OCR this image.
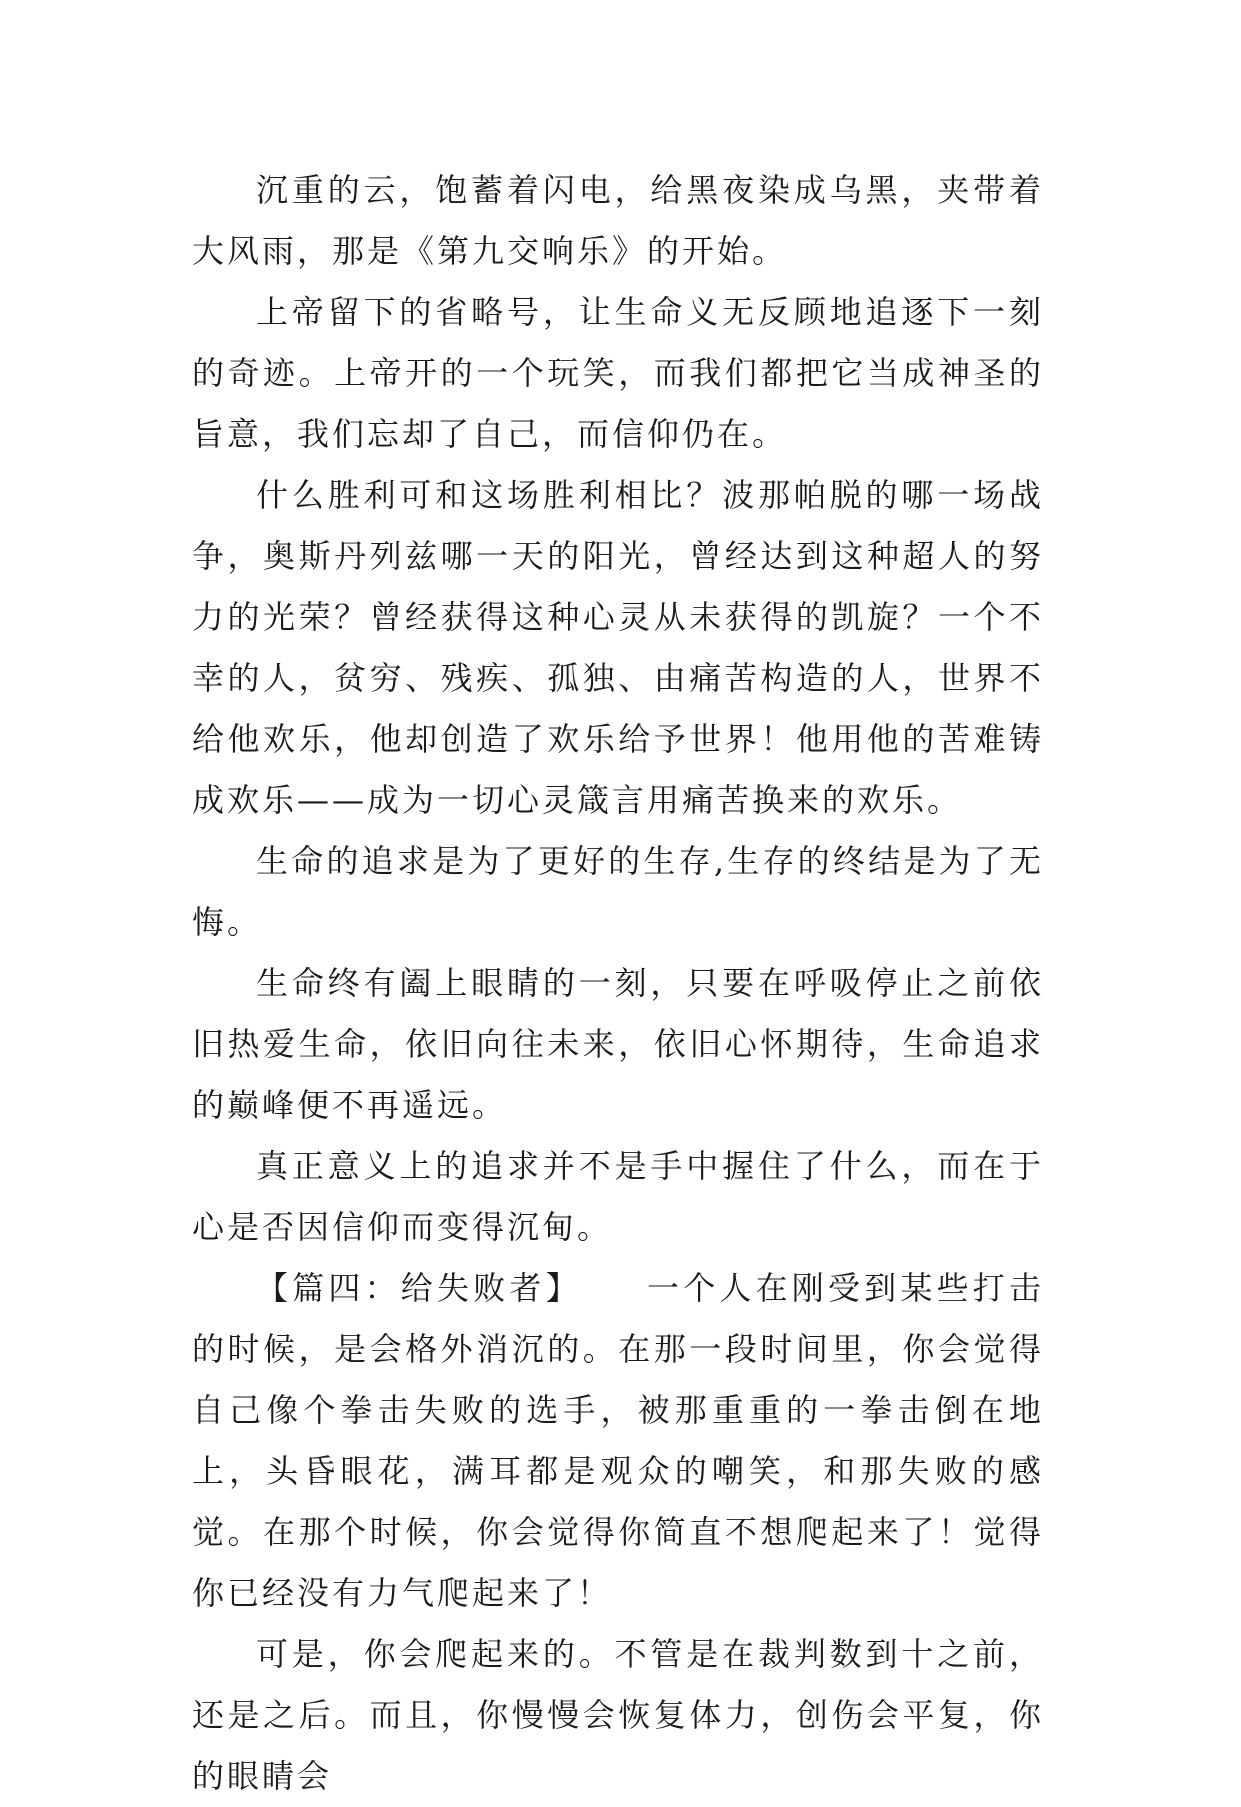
沉重的云，饱蓄着闪电，给黑夜染成乌黑，夹带着大风雨，那是《第九交响乐》的开始。

上帝留下的省略号，让生命义无反顾地追逐下一刻的奇迹。上帝开的一个玩笑，而我们都把它当成神圣的旨意，我们忘却了自己，而信仰仍在。

什么胜利可和这场胜利相比？波那帕脱的哪一场战争，奥斯丹列兹哪一天的阳光，曾经达到这种超人的努力的光荣？曾经获得这种心灵从未获得的凯旋？一个不幸的人，贫穷、残疾、孤独、由痛苦构造的人，世界不给他欢乐，他却创造了欢乐给予世界！他用他的苦难铸成欢乐——成为一切心灵箴言用痛苦换来的欢乐。

生命的追求是为了更好的生存,生存的终结是为了无悔。

生命终有阖上眼睛的一刻，只要在呼吸停止之前依旧热爱生命，依旧向往未来，依旧心怀期待，生命追求的巅峰便不再遥远。

真正意义上的追求并不是手中握住了什么，而在于心是否因信仰而变得沉甸。

【篇四：给失败者】 一个人在刚受到某些打击的时候，是会格外消沉的。在那一段时间里，你会觉得自己像个拳击失败的选手，被那重重的一拳击倒在地上，头昏眼花，满耳都是观众的嘲笑，和那失败的感觉。在那个时候，你会觉得你简直不想爬起来了！觉得你已经没有力气爬起来了！

可是，你会爬起来的。不管是在裁判数到十之前，还是之后。而且，你慢慢会恢复体力，创伤会平复，你的眼睛会
